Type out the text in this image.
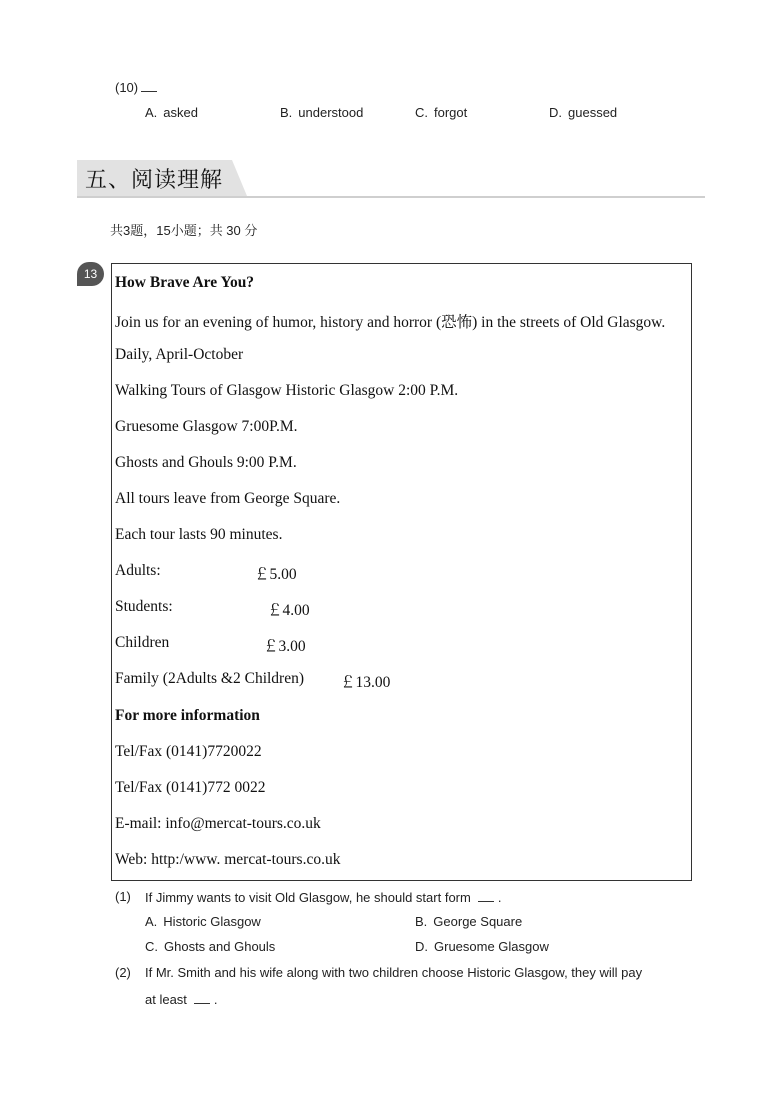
(10)
A. asked	B. understood	C. forgot	D. guessed
五、阅读理解
共3题，15小题；共 30 分
13	How Brave Are You?
Join us for an evening of humor, history and horror (恐怖) in the streets of Old Glasgow.
Daily, April-October
Walking Tours of Glasgow Historic Glasgow 2:00 P.M.
Gruesome Glasgow 7:00P.M.
Ghosts and Ghouls 9:00 P.M.
All tours leave from George Square.
Each tour lasts 90 minutes.
Adults:	￡5.00
Students:	￡4.00
Children	￡3.00
Family (2Adults &2 Children) ￡13.00
For more information
Tel/Fax (0141)7720022
Tel/Fax (0141)772 0022
E-mail: info@mercat-tours.co.uk
Web: http:/www. mercat-tours.co.uk
(1) If Jimmy wants to visit Old Glasgow, he should start form .
A. Historic Glasgow	B. George Square
C. Ghosts and Ghouls	D. Gruesome Glasgow
(2) If Mr. Smith and his wife along with two children choose Historic Glasgow, they will pay
at least .
